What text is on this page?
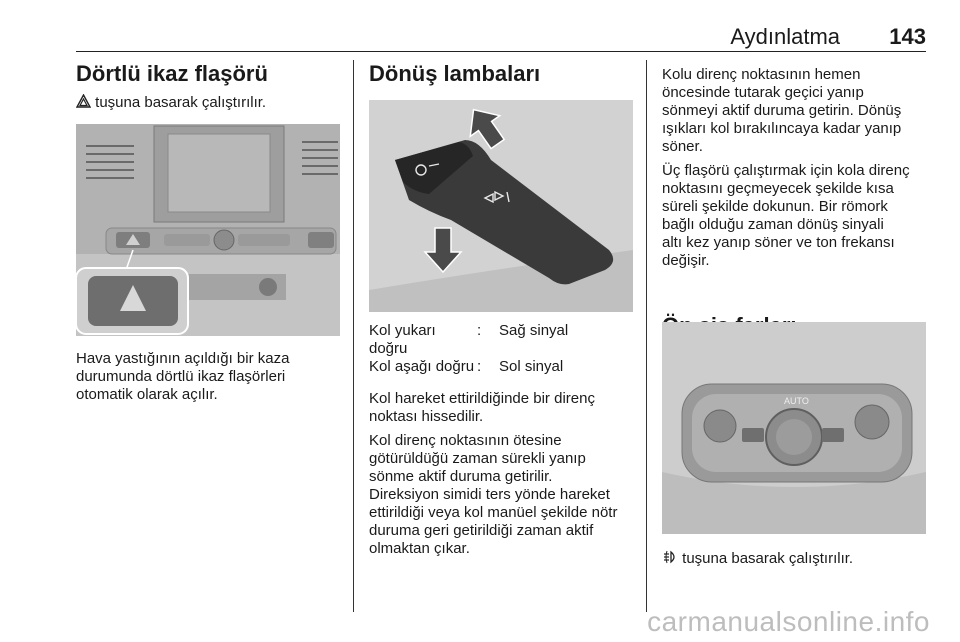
Aydınlatma 143
Dörtlü ikaz flaşörü

tuşuna basarak çalıştırılır.

Hava yastığının açıldığı bir kaza

durumunda dörtlü ikaz flaşörleri

otomatik olarak açılır.

Dönüş lambaları
Kol yukarı
doğru	:	Sağ sinyal
Kol aşağı doğru	:	Sol sinyal

Kol hareket ettirildiğinde bir direnç

noktası hissedilir.

Kol direnç noktasının ötesine

götürüldüğü zaman sürekli yanıp

sönme aktif duruma getirilir.

Direksiyon simidi ters yönde hareket

ettirildiği veya kol manüel şekilde nötr

duruma geri getirildiği zaman aktif

olmaktan çıkar.

Kolu direnç noktasının hemen

öncesinde tutarak geçici yanıp

sönmeyi aktif duruma getirin. Dönüş

ışıkları kol bırakılıncaya kadar yanıp

söner.

Üç flaşörü çalıştırmak için kola direnç

noktasını geçmeyecek şekilde kısa

süreli şekilde dokunun. Bir römork

bağlı olduğu zaman dönüş sinyali

altı kez yanıp söner ve ton frekansı

değişir.

AUTO

tuşuna basarak çalıştırılır.

carmanualsonline.info
